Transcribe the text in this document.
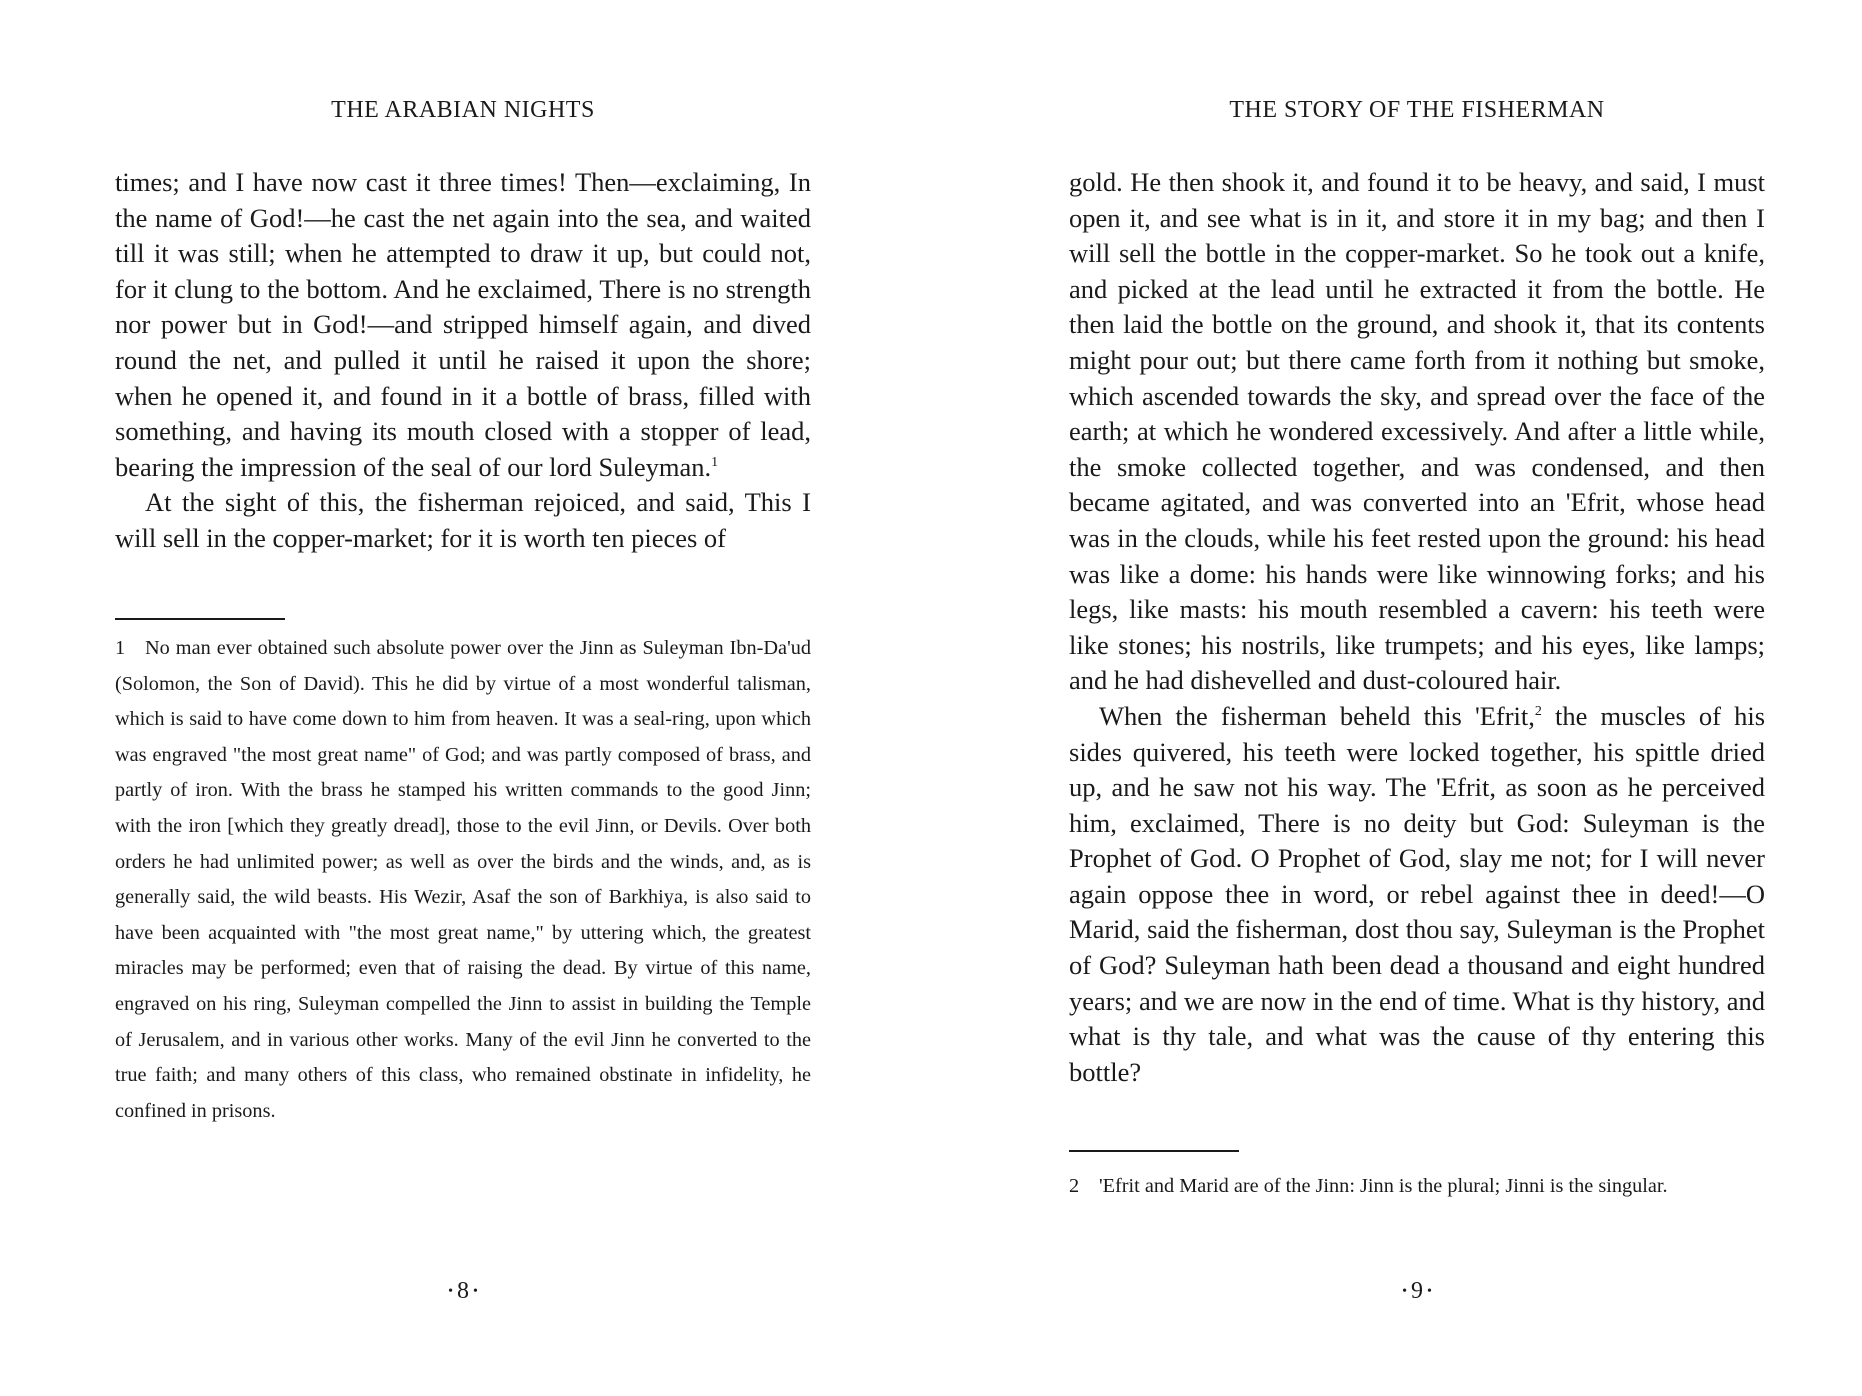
THE ARABIAN NIGHTS

times; and I have now cast it three times! Then—exclaiming, In the name of God!—he cast the net again into the sea, and waited till it was still; when he attempted to draw it up, but could not, for it clung to the bottom. And he exclaimed, There is no strength nor power but in God!—and stripped himself again, and dived round the net, and pulled it until he raised it upon the shore; when he opened it, and found in it a bottle of brass, filled with something, and having its mouth closed with a stopper of lead, bearing the impression of the seal of our lord Suleyman.$^1$

At the sight of this, the fisherman rejoiced, and said, This I will sell in the copper-market; for it is worth ten pieces of

1 No man ever obtained such absolute power over the Jinn as Suleyman Ibn-Da'ud (Solomon, the Son of David). This he did by virtue of a most wonderful talisman, which is said to have come down to him from heaven. It was a seal-ring, upon which was engraved "the most great name" of God; and was partly composed of brass, and partly of iron. With the brass he stamped his written commands to the good Jinn; with the iron [which they greatly dread], those to the evil Jinn, or Devils. Over both orders he had unlimited power; as well as over the birds and the winds, and, as is generally said, the wild beasts. His Wezir, Asaf the son of Barkhiya, is also said to have been acquainted with "the most great name," by uttering which, the greatest miracles may be performed; even that of raising the dead. By virtue of this name, engraved on his ring, Suleyman compelled the Jinn to assist in building the Temple of Jerusalem, and in various other works. Many of the evil Jinn he converted to the true faith; and many others of this class, who remained obstinate in infidelity, he confined in prisons.

• 8 •
THE STORY OF THE FISHERMAN

gold. He then shook it, and found it to be heavy, and said, I must open it, and see what is in it, and store it in my bag; and then I will sell the bottle in the copper-market. So he took out a knife, and picked at the lead until he extracted it from the bottle. He then laid the bottle on the ground, and shook it, that its contents might pour out; but there came forth from it nothing but smoke, which ascended towards the sky, and spread over the face of the earth; at which he wondered excessively. And after a little while, the smoke collected together, and was condensed, and then became agitated, and was converted into an 'Efrit, whose head was in the clouds, while his feet rested upon the ground: his head was like a dome: his hands were like winnowing forks; and his legs, like masts: his mouth resembled a cavern: his teeth were like stones; his nostrils, like trumpets; and his eyes, like lamps; and he had dishevelled and dust-coloured hair.

When the fisherman beheld this 'Efrit,$^2$ the muscles of his sides quivered, his teeth were locked together, his spittle dried up, and he saw not his way. The 'Efrit, as soon as he perceived him, exclaimed, There is no deity but God: Suleyman is the Prophet of God. O Prophet of God, slay me not; for I will never again oppose thee in word, or rebel against thee in deed!—O Marid, said the fisherman, dost thou say, Suleyman is the Prophet of God? Suleyman hath been dead a thousand and eight hundred years; and we are now in the end of time. What is thy history, and what is thy tale, and what was the cause of thy entering this bottle?

2 'Efrit and Marid are of the Jinn: Jinn is the plural; Jinni is the singular.

• 9 •
